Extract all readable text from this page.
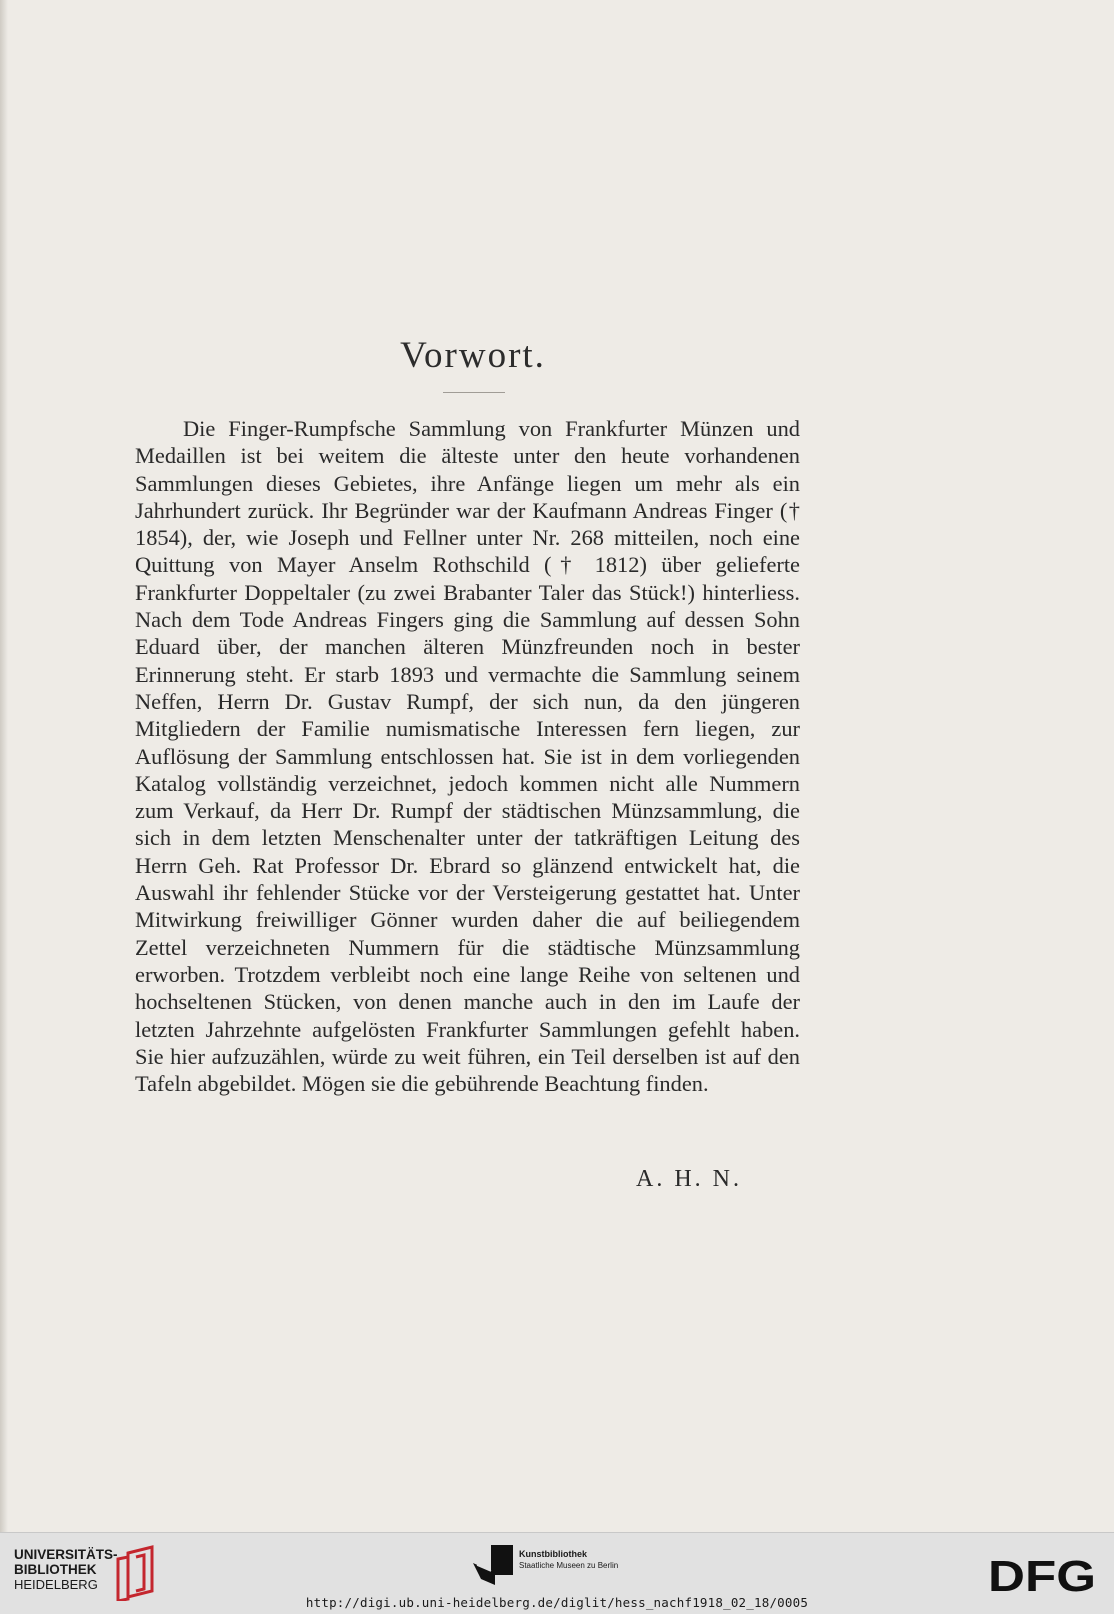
Vorwort.

Die Finger-Rumpfsche Sammlung von Frankfurter Münzen und Medaillen ist bei weitem die älteste unter den heute vorhandenen Sammlungen dieses Gebietes, ihre Anfänge liegen um mehr als ein Jahrhundert zurück. Ihr Begründer war der Kaufmann Andreas Finger († 1854), der, wie Joseph und Fellner unter Nr. 268 mitteilen, noch eine Quittung von Mayer Anselm Rothschild († 1812) über gelieferte Frankfurter Doppeltaler (zu zwei Brabanter Taler das Stück!) hinterliess. Nach dem Tode Andreas Fingers ging die Sammlung auf dessen Sohn Eduard über, der manchen älteren Münzfreunden noch in bester Erinnerung steht. Er starb 1893 und vermachte die Sammlung seinem Neffen, Herrn Dr. Gustav Rumpf, der sich nun, da den jüngeren Mitgliedern der Familie numismatische Interessen fern liegen, zur Auflösung der Sammlung entschlossen hat. Sie ist in dem vorliegenden Katalog vollständig verzeichnet, jedoch kommen nicht alle Nummern zum Verkauf, da Herr Dr. Rumpf der städtischen Münzsammlung, die sich in dem letzten Menschenalter unter der tatkräftigen Leitung des Herrn Geh. Rat Professor Dr. Ebrard so glänzend entwickelt hat, die Auswahl ihr fehlender Stücke vor der Versteigerung gestattet hat. Unter Mitwirkung freiwilliger Gönner wurden daher die auf beiliegendem Zettel verzeichneten Nummern für die städtische Münzsammlung erworben. Trotzdem verbleibt noch eine lange Reihe von seltenen und hochseltenen Stücken, von denen manche auch in den im Laufe der letzten Jahrzehnte aufgelösten Frankfurter Sammlungen gefehlt haben. Sie hier aufzuzählen, würde zu weit führen, ein Teil derselben ist auf den Tafeln abgebildet. Mögen sie die gebührende Beachtung finden.

A. H. N.
UNIVERSITÄTS-
BIBLIOTHEK
HEIDELBERG
Kunstbibliothek
Staatliche Museen zu Berlin	DFG
http://digi.ub.uni-heidelberg.de/diglit/hess_nachf1918_02_18/0005
